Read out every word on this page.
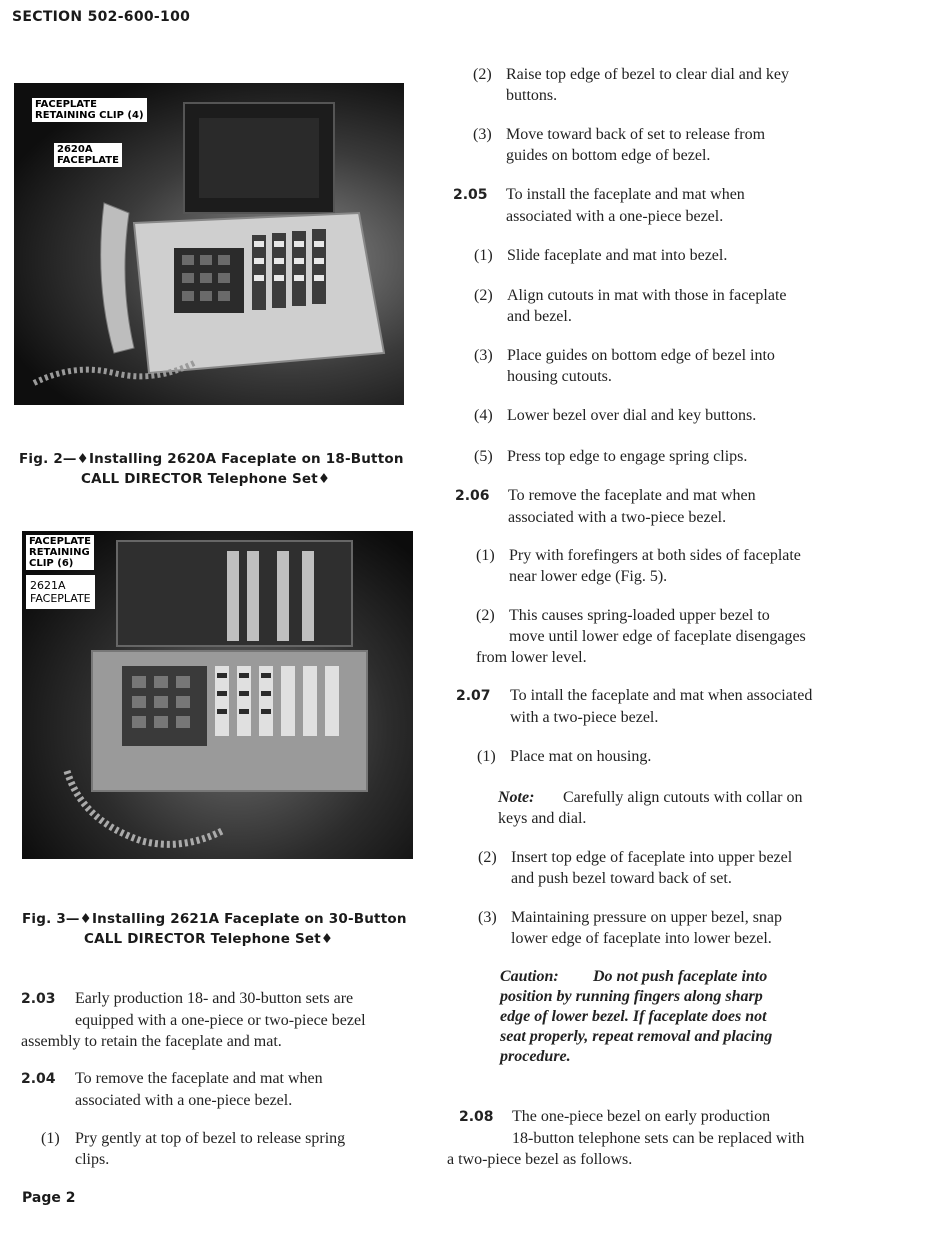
SECTION 502-600-100
FACEPLATE
RETAINING CLIP (4)
2620A
FACEPLATE
Fig. 2—♦Installing 2620A Faceplate on 18-Button
CALL DIRECTOR Telephone Set♦
FACEPLATE
RETAINING
CLIP (6)
2621A
FACEPLATE
Fig. 3—♦Installing 2621A Faceplate on 30-Button
CALL DIRECTOR Telephone Set♦
2.03 Early production 18- and 30-button sets are
equipped with a one-piece or two-piece bezel
assembly to retain the faceplate and mat.
2.04 To remove the faceplate and mat when
associated with a one-piece bezel.
(1) Pry gently at top of bezel to release spring
clips.
(2) Raise top edge of bezel to clear dial and key
buttons.
(3) Move toward back of set to release from
guides on bottom edge of bezel.
2.05 To install the faceplate and mat when
associated with a one-piece bezel.
(1) Slide faceplate and mat into bezel.
(2) Align cutouts in mat with those in faceplate
and bezel.
(3) Place guides on bottom edge of bezel into
housing cutouts.
(4) Lower bezel over dial and key buttons.
(5) Press top edge to engage spring clips.
2.06 To remove the faceplate and mat when
associated with a two-piece bezel.
(1) Pry with forefingers at both sides of faceplate
near lower edge (Fig. 5).
(2) This causes spring-loaded upper bezel to
move until lower edge of faceplate disengages
from lower level.
2.07 To intall the faceplate and mat when associated
with a two-piece bezel.
(1) Place mat on housing.
Note: Carefully align cutouts with collar on
keys and dial.
(2) Insert top edge of faceplate into upper bezel
and push bezel toward back of set.
(3) Maintaining pressure on upper bezel, snap
lower edge of faceplate into lower bezel.
Caution: Do not push faceplate into
position by running fingers along sharp
edge of lower bezel. If faceplate does not
seat properly, repeat removal and placing
procedure.
2.08 The one-piece bezel on early production
18-button telephone sets can be replaced with
a two-piece bezel as follows.
Page 2
